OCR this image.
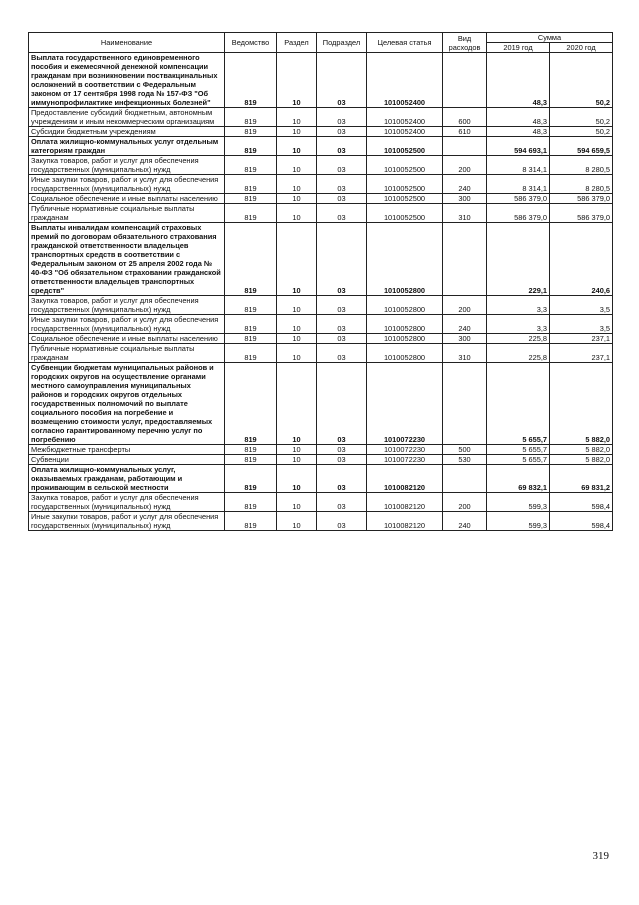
Наименование	Ведомство	Раздел	Подраздел	Целевая статья	Вид расходов	Сумма	
						2019 год	2020 год
Выплата государственного единовременного пособия и ежемесячной денежной компенсации гражданам при возникновении поствакцинальных осложнений в соответствии с Федеральным законом от 17 сентября 1998 года № 157-ФЗ "Об иммунопрофилактике инфекционных болезней"	819	10	03	1010052400		48,3	50,2
Предоставление субсидий бюджетным, автономным учреждениям и иным некоммерческим организациям	819	10	03	1010052400	600	48,3	50,2
Субсидии бюджетным учреждениям	819	10	03	1010052400	610	48,3	50,2
Оплата жилищно-коммунальных услуг отдельным категориям граждан	819	10	03	1010052500		594 693,1	594 659,5
Закупка товаров, работ и услуг для обеспечения государственных (муниципальных) нужд	819	10	03	1010052500	200	8 314,1	8 280,5
Иные закупки товаров, работ и услуг для обеспечения государственных (муниципальных) нужд	819	10	03	1010052500	240	8 314,1	8 280,5
Социальное обеспечение и иные выплаты населению	819	10	03	1010052500	300	586 379,0	586 379,0
Публичные нормативные социальные выплаты гражданам	819	10	03	1010052500	310	586 379,0	586 379,0
Выплаты инвалидам компенсаций страховых премий по договорам обязательного страхования гражданской ответственности владельцев транспортных средств в соответствии с Федеральным законом от 25 апреля 2002 года № 40-ФЗ "Об обязательном страховании гражданской ответственности владельцев транспортных средств"	819	10	03	1010052800		229,1	240,6
Закупка товаров, работ и услуг для обеспечения государственных (муниципальных) нужд	819	10	03	1010052800	200	3,3	3,5
Иные закупки товаров, работ и услуг для обеспечения государственных (муниципальных) нужд	819	10	03	1010052800	240	3,3	3,5
Социальное обеспечение и иные выплаты населению	819	10	03	1010052800	300	225,8	237,1
Публичные нормативные социальные выплаты гражданам	819	10	03	1010052800	310	225,8	237,1
Субвенции бюджетам муниципальных районов и городских округов на осуществление органами местного самоуправления муниципальных районов и городских округов отдельных государственных полномочий по выплате социального пособия на погребение и возмещению стоимости услуг, предоставляемых согласно гарантированному перечню услуг по погребению	819	10	03	1010072230		5 655,7	5 882,0
Межбюджетные трансферты	819	10	03	1010072230	500	5 655,7	5 882,0
Субвенции	819	10	03	1010072230	530	5 655,7	5 882,0
Оплата жилищно-коммунальных услуг, оказываемых гражданам, работающим и проживающим в сельской местности	819	10	03	1010082120		69 832,1	69 831,2
Закупка товаров, работ и услуг для обеспечения государственных (муниципальных) нужд	819	10	03	1010082120	200	599,3	598,4
Иные закупки товаров, работ и услуг для обеспечения государственных (муниципальных) нужд	819	10	03	1010082120	240	599,3	598,4
319
